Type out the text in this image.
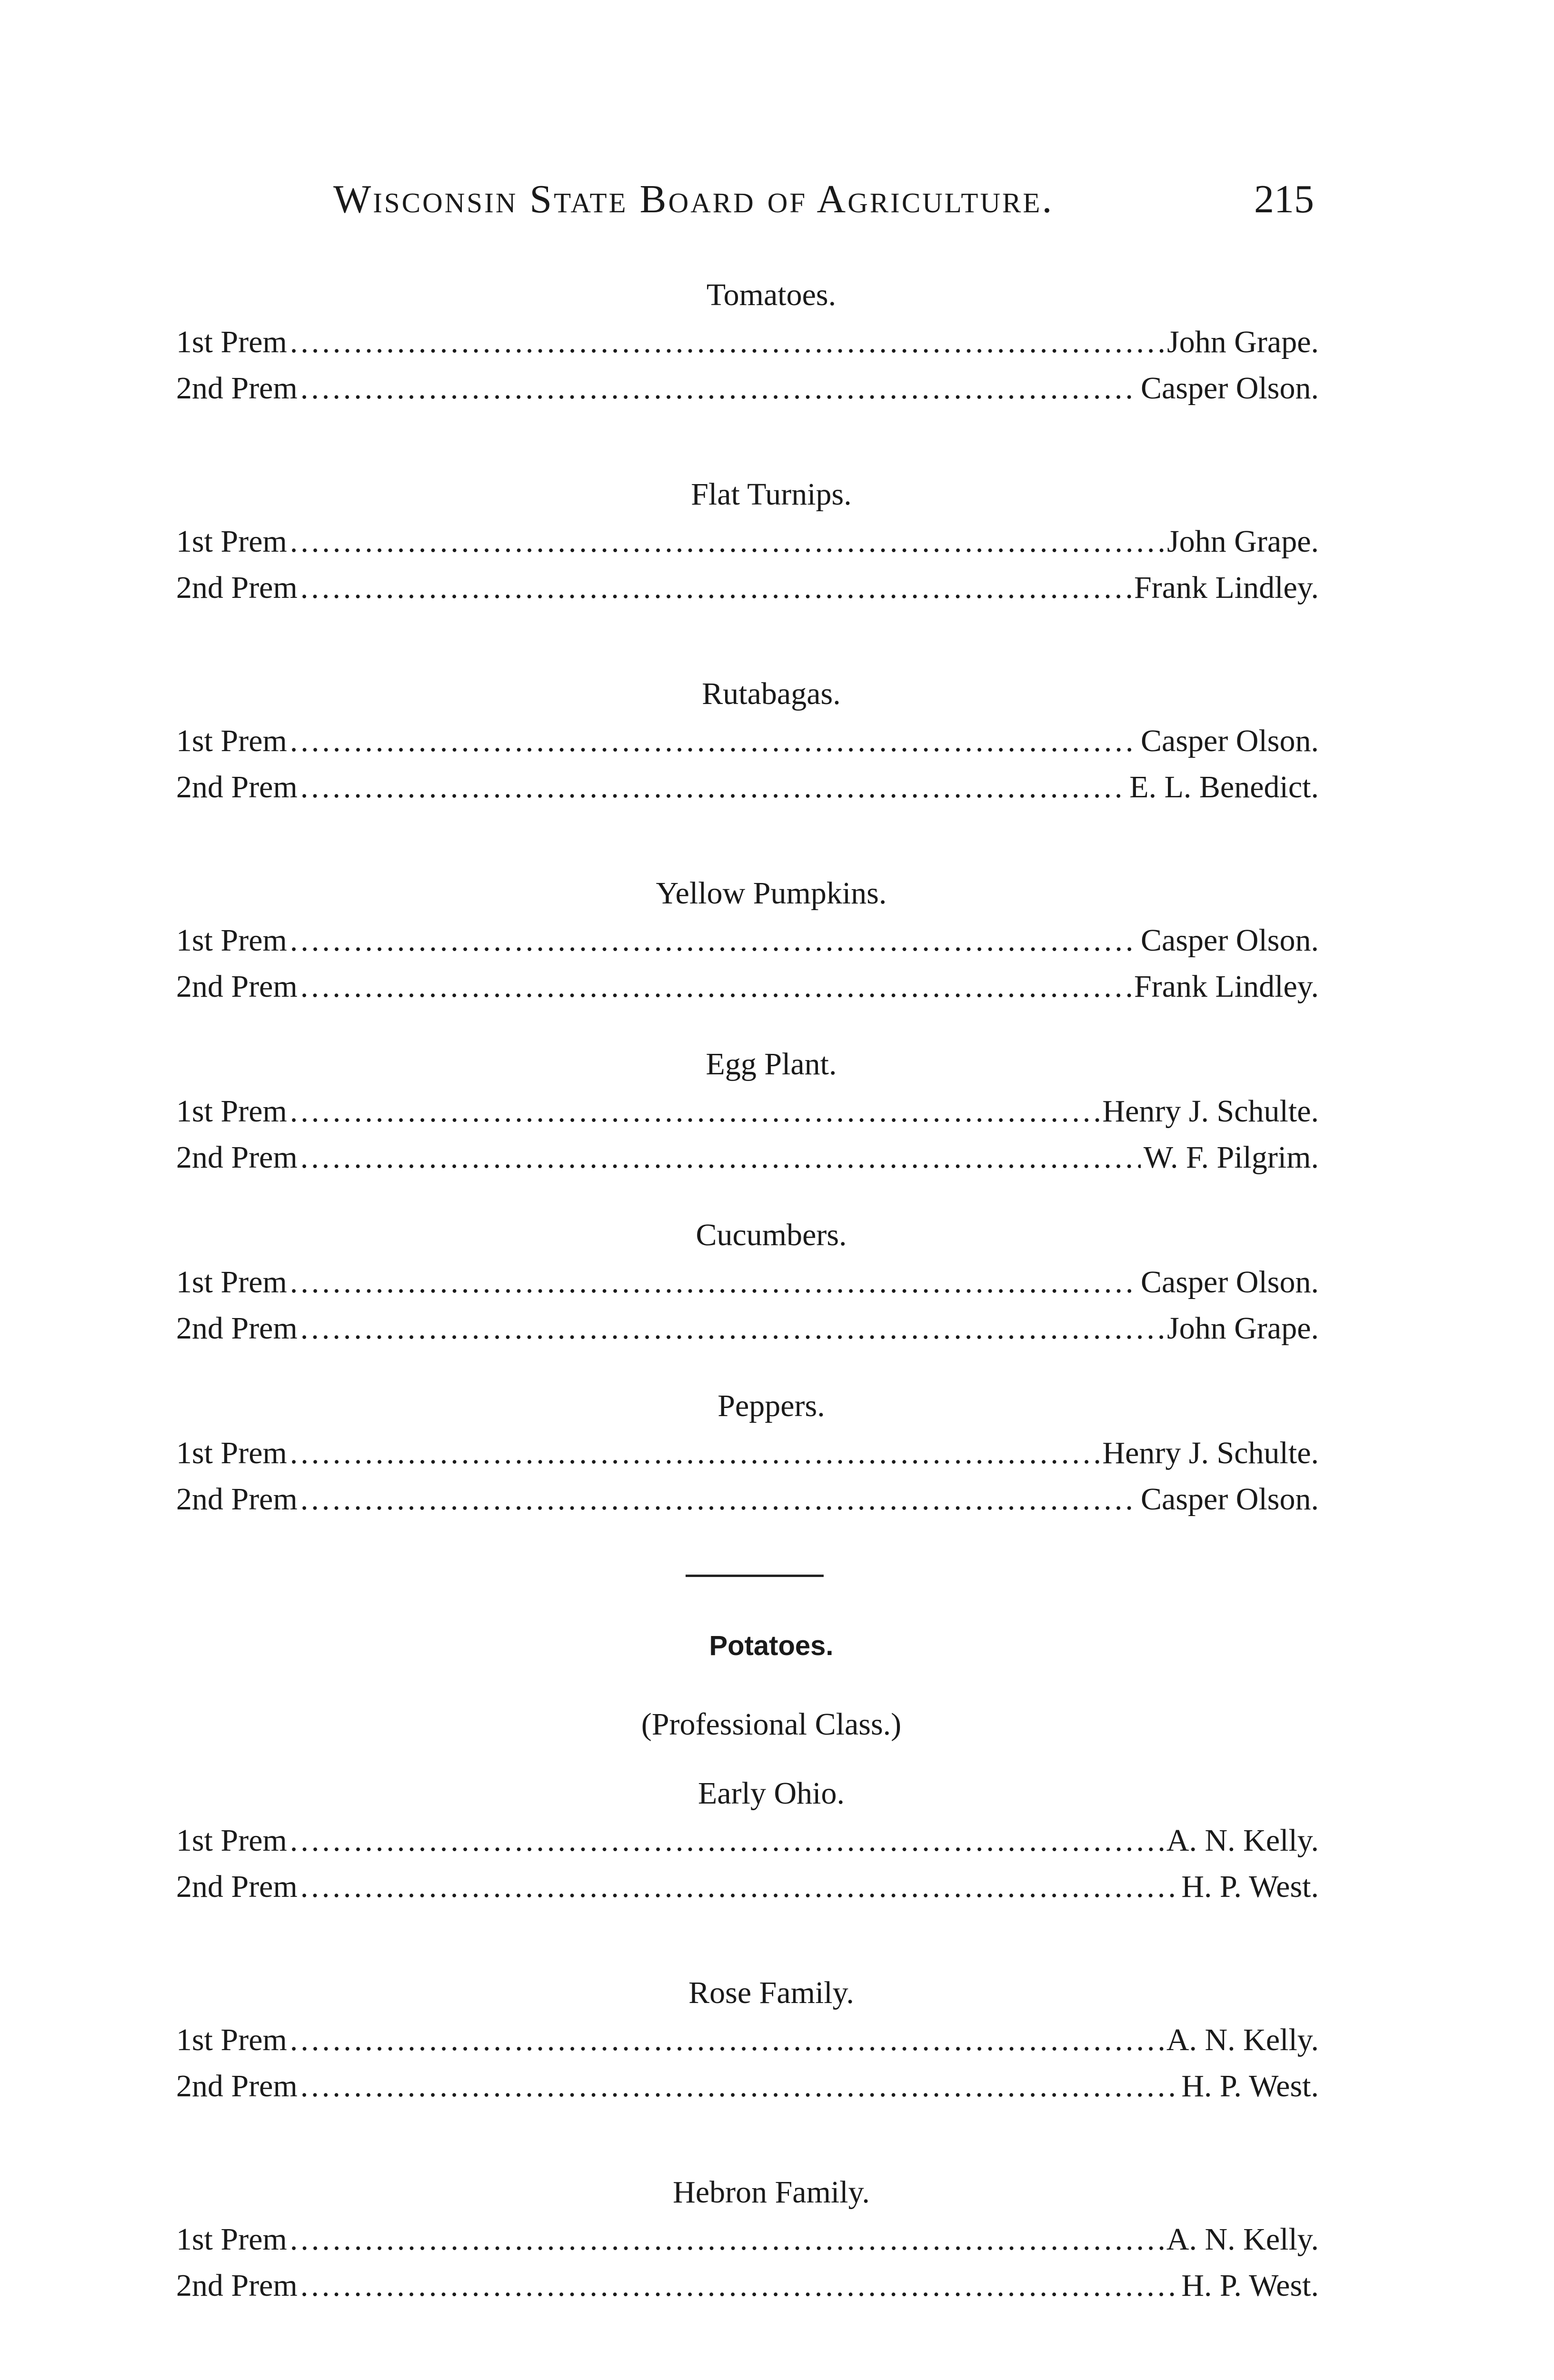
Wisconsin State Board of Agriculture.	215
Tomatoes.
1st Prem .....	John Grape.
2nd Prem .....	Casper Olson.
Flat Turnips.
1st Prem .....	John Grape.
2nd Prem .....	Frank Lindley.
Rutabagas.
1st Prem .....	Casper Olson.
2nd Prem .....	E. L. Benedict.
Yellow Pumpkins.
1st Prem .....	Casper Olson.
2nd Prem .....	Frank Lindley.
Egg Plant.
1st Prem .....	Henry J. Schulte.
2nd Prem .....	W. F. Pilgrim.
Cucumbers.
1st Prem .....	Casper Olson.
2nd Prem .....	John Grape.
Peppers.
1st Prem .....	Henry J. Schulte.
2nd Prem .....	Casper Olson.
Potatoes.
(Professional Class.)
Early Ohio.
1st Prem .....	A. N. Kelly.
2nd Prem .....	H. P. West.
Rose Family.
1st Prem .....	A. N. Kelly.
2nd Prem .....	H. P. West.
Hebron Family.
1st Prem .....	A. N. Kelly.
2nd Prem .....	H. P. West.
